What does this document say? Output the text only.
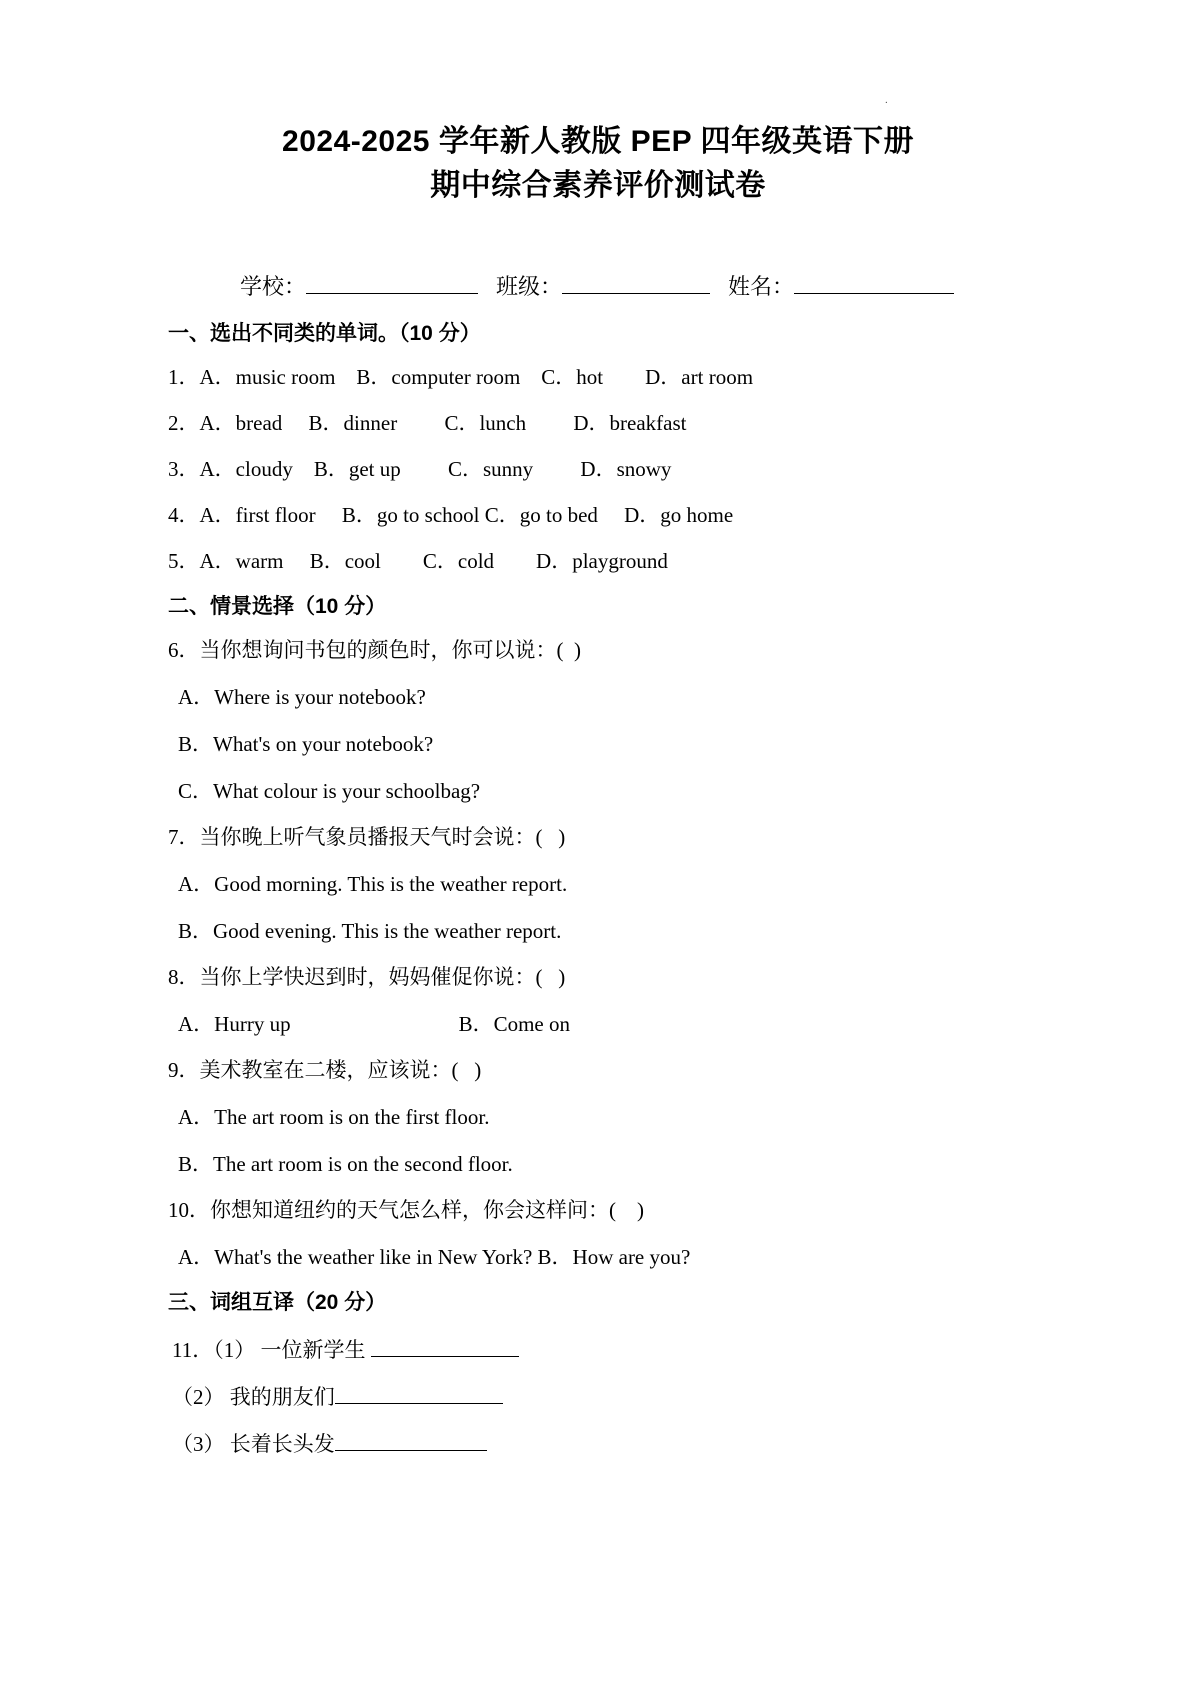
.
2024-2025 学年新人教版 PEP 四年级英语下册
期中综合素养评价测试卷
学校：	班级：	姓名：
一、选出不同类的单词。（10 分）
1．A．music room　B．computer room　C．hot　　D．art room
2．A．bread　 B．dinner　　 C．lunch　　 D．breakfast
3．A．cloudy　B．get up　　 C．sunny　　 D．snowy
4．A．first floor　 B．go to school C．go to bed　 D．go home
5．A．warm　 B．cool　　C．cold　　D．playground
二、情景选择（10 分）
6．当你想询问书包的颜色时，你可以说：(  )
A．Where is your notebook?
B．What's on your notebook?
C．What colour is your schoolbag?
7．当你晚上听气象员播报天气时会说：(   )
A．Good morning. This is the weather report.
B．Good evening. This is the weather report.
8．当你上学快迟到时，妈妈催促你说：(   )
A．Hurry up　　　　　　　　B．Come on
9．美术教室在二楼，应该说：(   )
A．The art room is on the first floor.
B．The art room is on the second floor.
10．你想知道纽约的天气怎么样，你会这样问：(    )
A．What's the weather like in New York? B．How are you?
三、词组互译（20 分）
11．（1） 一位新学生
（2） 我的朋友们
（3） 长着长头发
